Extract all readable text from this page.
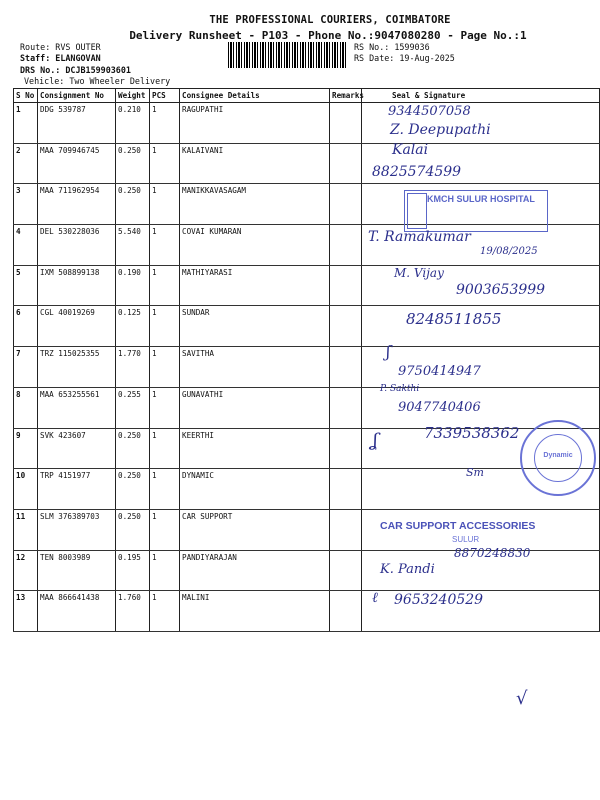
THE PROFESSIONAL COURIERS, COIMBATORE
Delivery Runsheet - P103 - Phone No.:9047080280 - Page No.:1
Route: RVS OUTER
Staff: ELANGOVAN
DRS No.: DCJB159903601
Vehicle: Two Wheeler Delivery
RS No.: 1599036
RS Date: 19-Aug-2025
S No	Consignment No	Weight	PCS	Consignee Details	Remarks	Seal & Signature
1	DDG 539787	0.210	1	RAGUPATHI		
2	MAA 709946745	0.250	1	KALAIVANI		
3	MAA 711962954	0.250	1	MANIKKAVASAGAM		
4	DEL 530228036	5.540	1	COVAI KUMARAN		
5	IXM 508899138	0.190	1	MATHIYARASI		
6	CGL 40019269	0.125	1	SUNDAR		
7	TRZ 115025355	1.770	1	SAVITHA		
8	MAA 653255561	0.255	1	GUNAVATHI		
9	SVK 423607	0.250	1	KEERTHI		
10	TRP 4151977	0.250	1	DYNAMIC		
11	SLM 376389703	0.250	1	CAR SUPPORT		
12	TEN 8003989	0.195	1	PANDIYARAJAN		
13	MAA 866641438	1.760	1	MALINI		
9344507058
Z. Deepupathi
Kalai
8825574599
KMCH SULUR HOSPITAL
T. Ramakumar
19/08/2025
M. Vijay
9003653999
8248511855
ʃ
9750414947
P. Sakthi
9047740406
7339538362
ʆ
Dynamic
Sm
CAR SUPPORT ACCESSORIES
SULUR
8870248830
K. Pandi
ℓ 9653240529
√
